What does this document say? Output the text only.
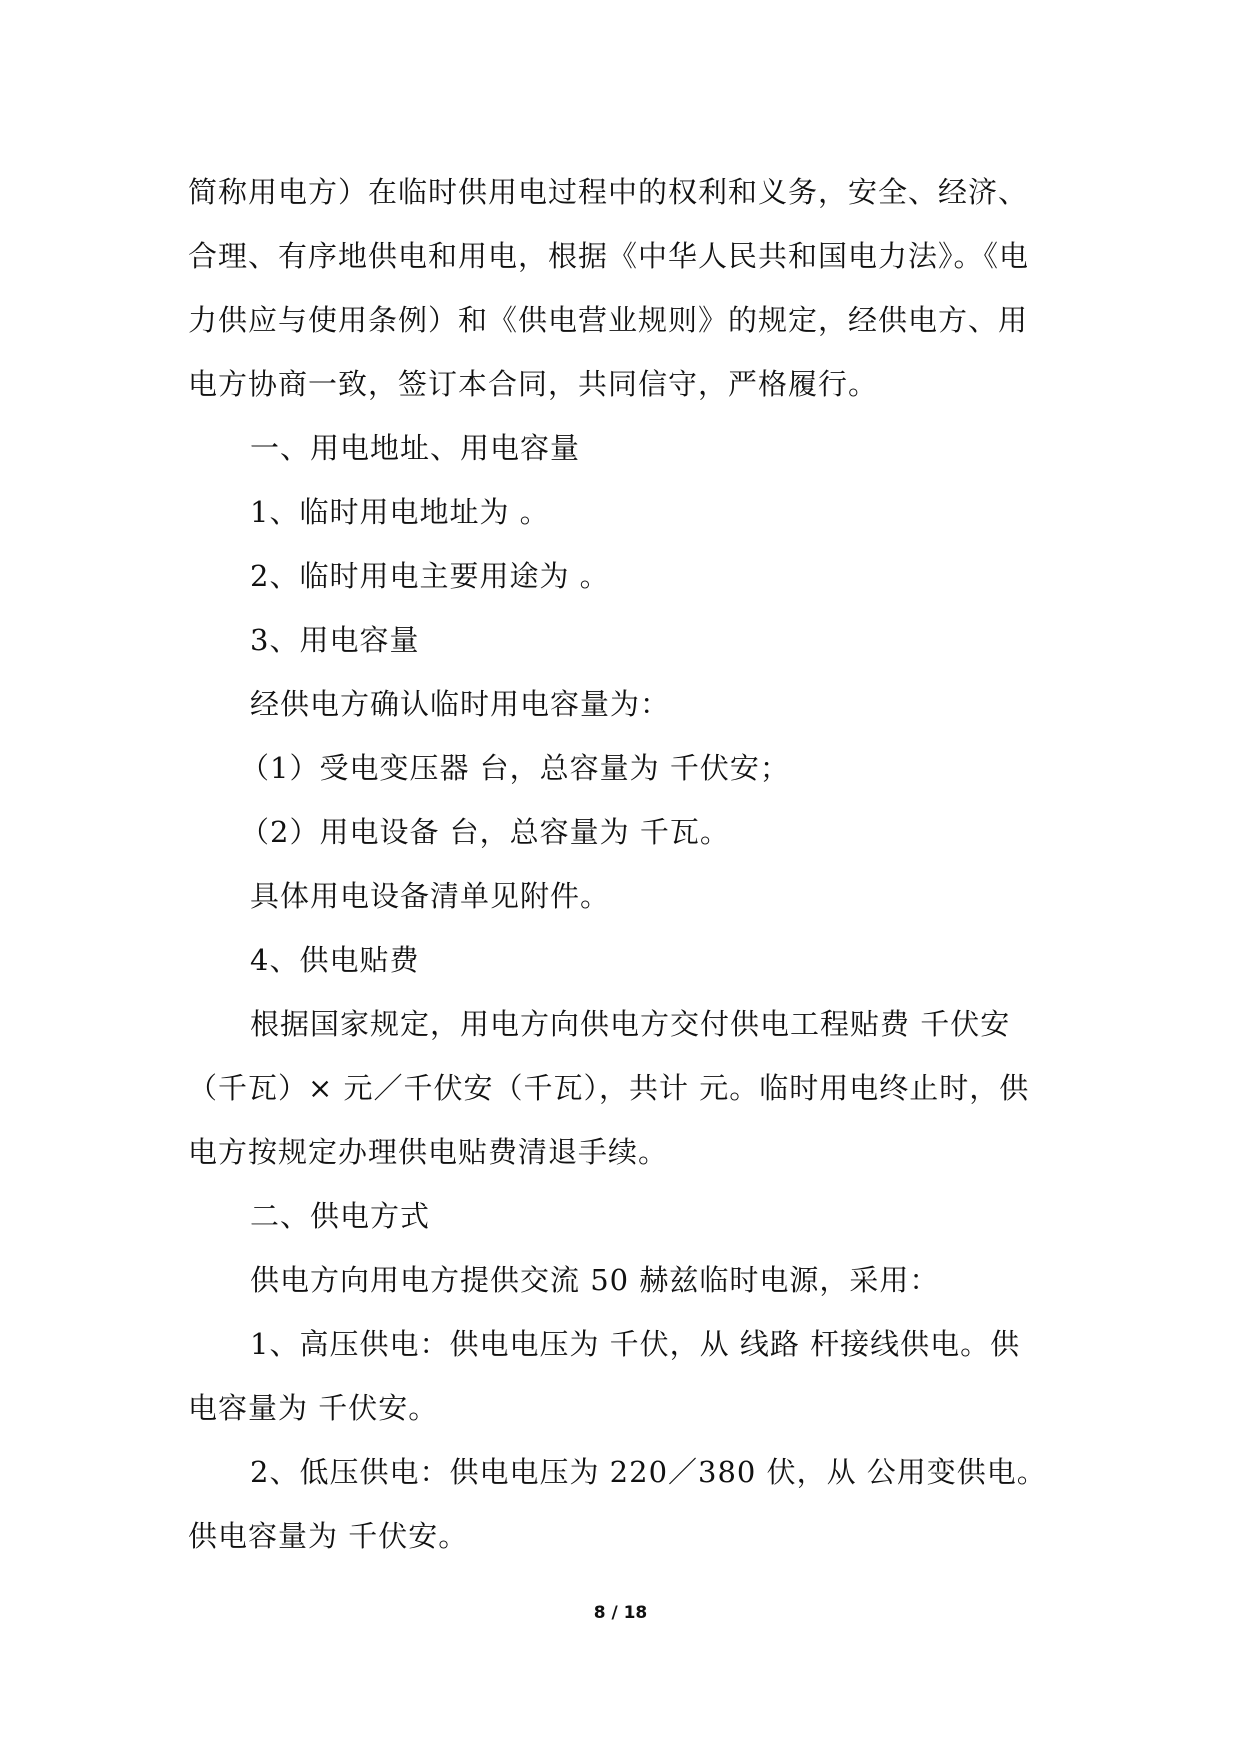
简称用电方）在临时供用电过程中的权利和义务，安全、经济、
合理、有序地供电和用电，根据《中华人民共和国电力法》。《电
力供应与使用条例）和《供电营业规则》的规定，经供电方、用
电方协商一致，签订本合同，共同信守，严格履行。
一、用电地址、用电容量
1、临时用电地址为 。
2、临时用电主要用途为 。
3、用电容量
经供电方确认临时用电容量为：
（1）受电变压器 台，总容量为 千伏安；
（2）用电设备 台，总容量为 千瓦。
具体用电设备清单见附件。
4、供电贴费
根据国家规定，用电方向供电方交付供电工程贴费 千伏安
（千瓦）× 元／千伏安（千瓦），共计 元。临时用电终止时，供
电方按规定办理供电贴费清退手续。
二、供电方式
供电方向用电方提供交流 50 赫兹临时电源，采用：
1、高压供电：供电电压为 千伏，从 线路 杆接线供电。供
电容量为 千伏安。
2、低压供电：供电电压为 220／380 伏，从 公用变供电。
供电容量为 千伏安。
8 / 18
